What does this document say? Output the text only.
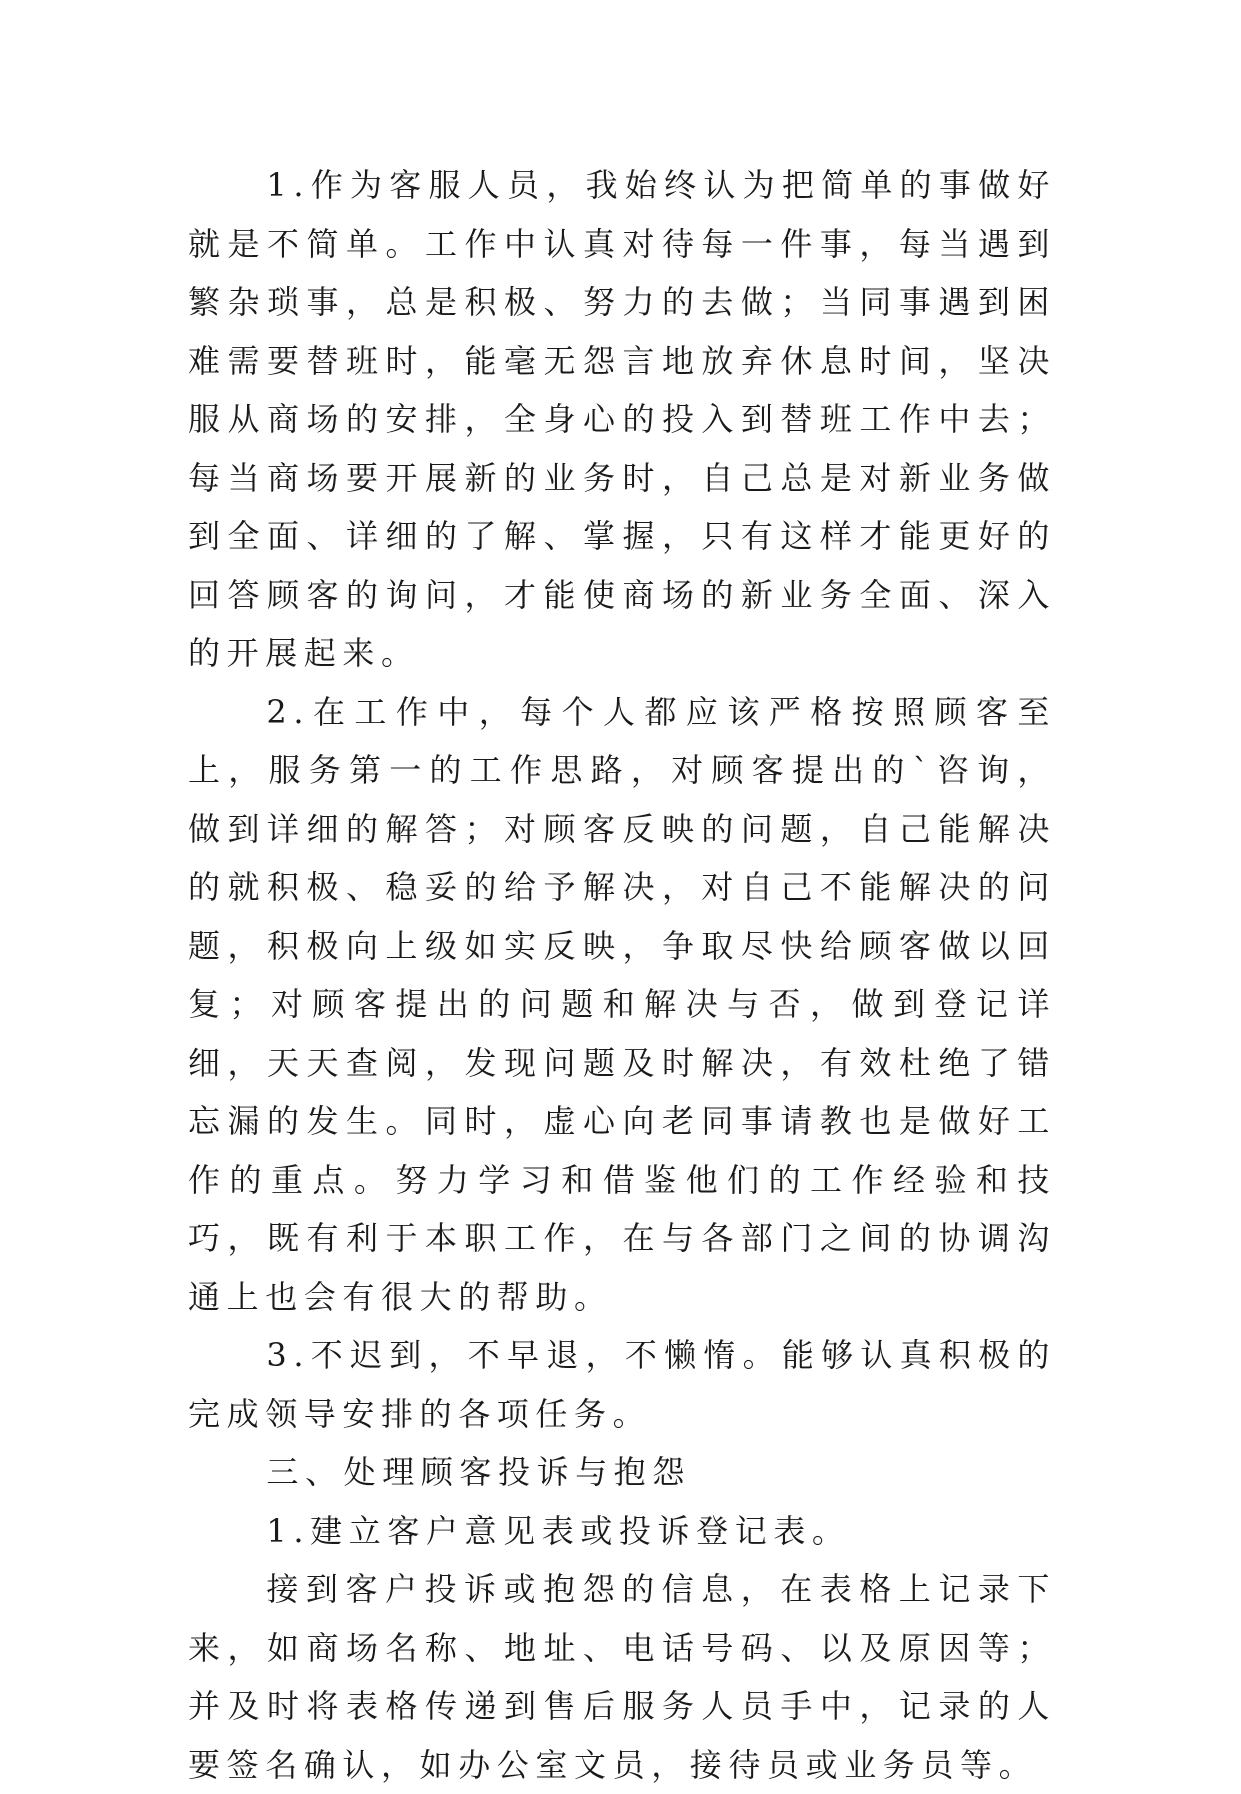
1.作为客服人员，我始终认为把简单的事做好就是不简单。工作中认真对待每一件事，每当遇到繁杂琐事，总是积极、努力的去做；当同事遇到困难需要替班时，能毫无怨言地放弃休息时间，坚决服从商场的安排，全身心的投入到替班工作中去；每当商场要开展新的业务时，自己总是对新业务做到全面、详细的了解、掌握，只有这样才能更好的回答顾客的询问，才能使商场的新业务全面、深入的开展起来。

2.在工作中，每个人都应该严格按照顾客至上，服务第一的工作思路，对顾客提出的`咨询，做到详细的解答；对顾客反映的问题，自己能解决的就积极、稳妥的给予解决，对自己不能解决的问题，积极向上级如实反映，争取尽快给顾客做以回复；对顾客提出的问题和解决与否，做到登记详细，天天查阅，发现问题及时解决，有效杜绝了错忘漏的发生。同时，虚心向老同事请教也是做好工作的重点。努力学习和借鉴他们的工作经验和技巧，既有利于本职工作，在与各部门之间的协调沟通上也会有很大的帮助。

3.不迟到，不早退，不懒惰。能够认真积极的完成领导安排的各项任务。

三、处理顾客投诉与抱怨

1.建立客户意见表或投诉登记表。

接到客户投诉或抱怨的信息，在表格上记录下来，如商场名称、地址、电话号码、以及原因等；并及时将表格传递到售后服务人员手中，记录的人要签名确认，如办公室文员，接待员或业务员等。
